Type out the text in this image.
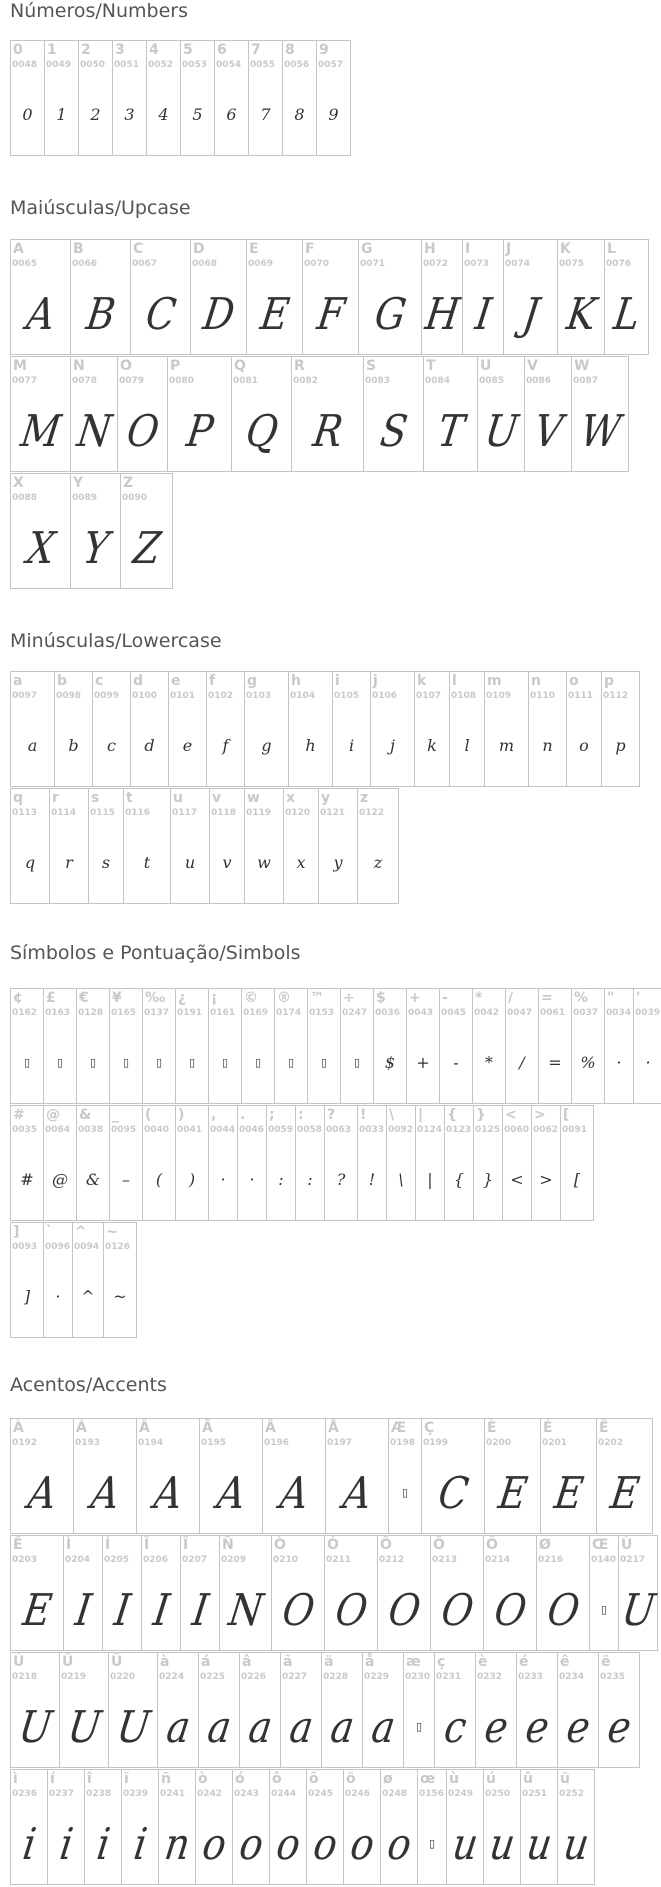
Números/Numbers
0
0048
0
1
0049
1
2
0050
2
3
0051
3
4
0052
4
5
0053
5
6
0054
6
7
0055
7
8
0056
8
9
0057
9
Maiúsculas/Upcase
A
0065
A
B
0066
B
C
0067
C
D
0068
D
E
0069
E
F
0070
F
G
0071
G
H
0072
H
I
0073
I
J
0074
J
K
0075
K
L
0076
L
M
0077
M
N
0078
N
O
0079
O
P
0080
P
Q
0081
Q
R
0082
R
S
0083
S
T
0084
T
U
0085
U
V
0086
V
W
0087
W
X
0088
X
Y
0089
Y
Z
0090
Z
Minúsculas/Lowercase
a
0097
a
b
0098
b
c
0099
c
d
0100
d
e
0101
e
f
0102
f
g
0103
g
h
0104
h
i
0105
i
j
0106
j
k
0107
k
l
0108
l
m
0109
m
n
0110
n
o
0111
o
p
0112
p
q
0113
q
r
0114
r
s
0115
s
t
0116
t
u
0117
u
v
0118
v
w
0119
w
x
0120
x
y
0121
y
z
0122
z
Símbolos e Pontuação/Simbols
¢
0162
▯
£
0163
▯
€
0128
▯
¥
0165
▯
‰
0137
▯
¿
0191
▯
¡
0161
▯
©
0169
▯
®
0174
▯
™
0153
▯
÷
0247
▯
$
0036
$
+
0043
+
-
0045
-
*
0042
*
/
0047
/
=
0061
=
%
0037
%
"
0034
·
'
0039
·
#
0035
#
@
0064
@
&
0038
&
_
0095
–
(
0040
(
)
0041
)
,
0044
·
.
0046
·
;
0059
:
:
0058
:
?
0063
?
!
0033
!
\
0092
\
|
0124
|
{
0123
{
}
0125
}
<
0060
<
>
0062
>
[
0091
[
]
0093
]
`
0096
·
^
0094
^
~
0126
~
Acentos/Accents
À
0192
A
Á
0193
A
Â
0194
A
Ã
0195
A
Ä
0196
A
Å
0197
A
Æ
0198
▯
Ç
0199
C
È
0200
E
É
0201
E
Ê
0202
E
Ë
0203
E
Ì
0204
I
Í
0205
I
Î
0206
I
Ï
0207
I
Ñ
0209
N
Ò
0210
O
Ó
0211
O
Ô
0212
O
Õ
0213
O
Ö
0214
O
Ø
0216
O
Œ
0140
▯
Ù
0217
U
Ú
0218
U
Û
0219
U
Ü
0220
U
à
0224
a
á
0225
a
â
0226
a
ã
0227
a
ä
0228
a
å
0229
a
æ
0230
▯
ç
0231
c
è
0232
e
é
0233
e
ê
0234
e
ë
0235
e
ì
0236
i
í
0237
i
î
0238
i
ï
0239
i
ñ
0241
n
ò
0242
o
ó
0243
o
ô
0244
o
õ
0245
o
ö
0246
o
ø
0248
o
œ
0156
▯
ù
0249
u
ú
0250
u
û
0251
u
ü
0252
u
